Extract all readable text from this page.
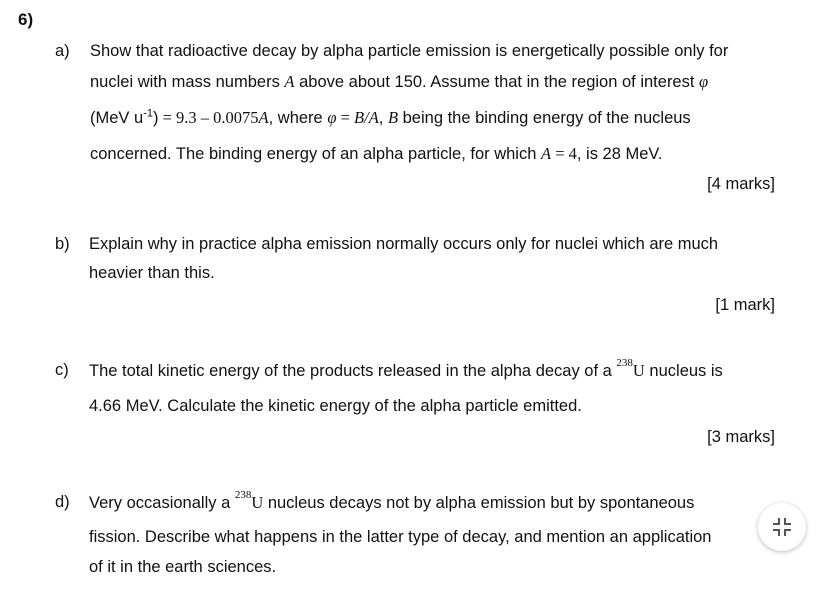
6)
a) Show that radioactive decay by alpha particle emission is energetically possible only for
nuclei with mass numbers A above about 150. Assume that in the region of interest φ
(MeV $u^{-1}) = 9.3 - 0.0075A$, where φ = B/A, B being the binding energy of the nucleus
concerned. The binding energy of an alpha particle, for which A = 4, is 28 MeV.
[4 marks]
b) Explain why in practice alpha emission normally occurs only for nuclei which are much
heavier than this.
[1 mark]
c) The total kinetic energy of the products released in the alpha decay of a $^{238}$U nucleus is
4.66 MeV. Calculate the kinetic energy of the alpha particle emitted.
[3 marks]
d) Very occasionally a $^{238}$U nucleus decays not by alpha emission but by spontaneous
fission. Describe what happens in the latter type of decay, and mention an application
of it in the earth sciences.
